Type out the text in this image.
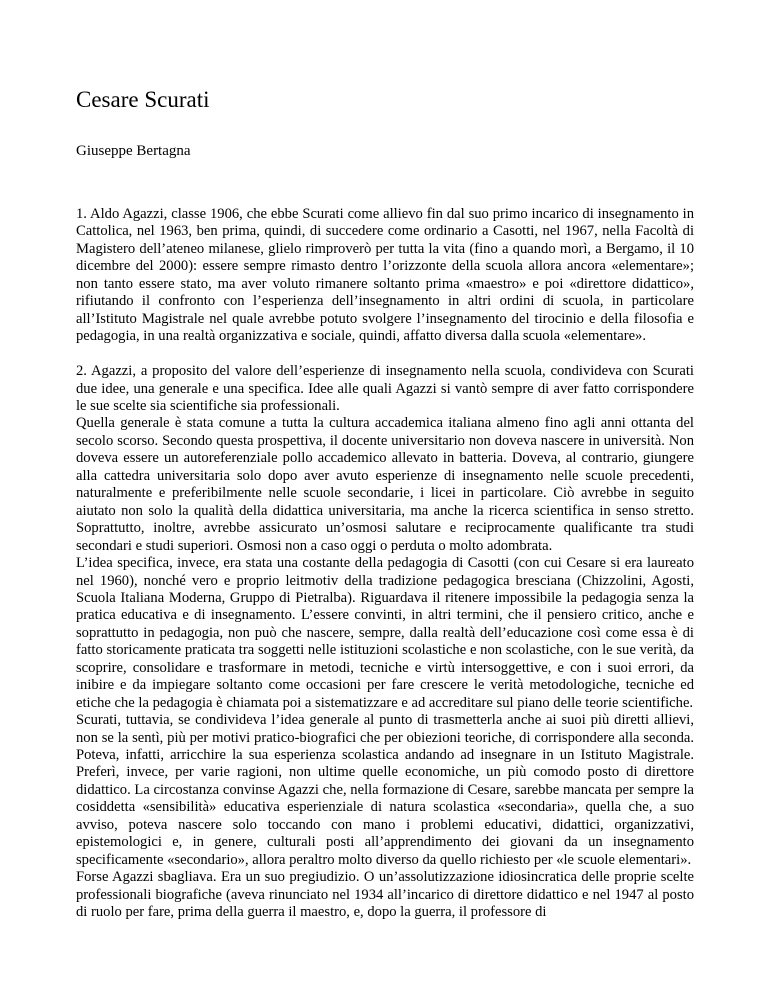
Cesare Scurati
Giuseppe Bertagna

1. Aldo Agazzi, classe 1906, che ebbe Scurati come allievo fin dal suo primo incarico di insegnamento in Cattolica, nel 1963, ben prima, quindi, di succedere come ordinario a Casotti, nel 1967, nella Facoltà di Magistero dell’ateneo milanese, glielo rimproverò per tutta la vita (fino a quando morì, a Bergamo, il 10 dicembre del 2000): essere sempre rimasto dentro l’orizzonte della scuola allora ancora «elementare»; non tanto essere stato, ma aver voluto rimanere soltanto prima «maestro» e poi «direttore didattico», rifiutando il confronto con l’esperienza dell’insegnamento in altri ordini di scuola, in particolare all’Istituto Magistrale nel quale avrebbe potuto svolgere l’insegnamento del tirocinio e della filosofia e pedagogia, in una realtà organizzativa e sociale, quindi, affatto diversa dalla scuola «elementare».

2. Agazzi, a proposito del valore dell’esperienze di insegnamento nella scuola, condivideva con Scurati due idee, una generale e una specifica. Idee alle quali Agazzi si vantò sempre di aver fatto corrispondere le sue scelte sia scientifiche sia professionali.

Quella generale è stata comune a tutta la cultura accademica italiana almeno fino agli anni ottanta del secolo scorso. Secondo questa prospettiva, il docente universitario non doveva nascere in università. Non doveva essere un autoreferenziale pollo accademico allevato in batteria. Doveva, al contrario, giungere alla cattedra universitaria solo dopo aver avuto esperienze di insegnamento nelle scuole precedenti, naturalmente e preferibilmente nelle scuole secondarie, i licei in particolare. Ciò avrebbe in seguito aiutato non solo la qualità della didattica universitaria, ma anche la ricerca scientifica in senso stretto. Soprattutto, inoltre, avrebbe assicurato un’osmosi salutare e reciprocamente qualificante tra studi secondari e studi superiori. Osmosi non a caso oggi o perduta o molto adombrata.

L’idea specifica, invece, era stata una costante della pedagogia di Casotti (con cui Cesare si era laureato nel 1960), nonché vero e proprio leitmotiv della tradizione pedagogica bresciana (Chizzolini, Agosti, Scuola Italiana Moderna, Gruppo di Pietralba). Riguardava il ritenere impossibile la pedagogia senza la pratica educativa e di insegnamento. L’essere convinti, in altri termini, che il pensiero critico, anche e soprattutto in pedagogia, non può che nascere, sempre, dalla realtà dell’educazione così come essa è di fatto storicamente praticata tra soggetti nelle istituzioni scolastiche e non scolastiche, con le sue verità, da scoprire, consolidare e trasformare in metodi, tecniche e virtù intersoggettive, e con i suoi errori, da inibire e da impiegare soltanto come occasioni per fare crescere le verità metodologiche, tecniche ed etiche che la pedagogia è chiamata poi a sistematizzare e ad accreditare sul piano delle teorie scientifiche.

Scurati, tuttavia, se condivideva l’idea generale al punto di trasmetterla anche ai suoi più diretti allievi, non se la sentì, più per motivi pratico-biografici che per obiezioni teoriche, di corrispondere alla seconda. Poteva, infatti, arricchire la sua esperienza scolastica andando ad insegnare in un Istituto Magistrale. Preferì, invece, per varie ragioni, non ultime quelle economiche, un più comodo posto di direttore didattico. La circostanza convinse Agazzi che, nella formazione di Cesare, sarebbe mancata per sempre la cosiddetta «sensibilità» educativa esperienziale di natura scolastica «secondaria», quella che, a suo avviso, poteva nascere solo toccando con mano i problemi educativi, didattici, organizzativi, epistemologici e, in genere, culturali posti all’apprendimento dei giovani da un insegnamento specificamente «secondario», allora peraltro molto diverso da quello richiesto per «le scuole elementari».

Forse Agazzi sbagliava. Era un suo pregiudizio. O un’assolutizzazione idiosincratica delle proprie scelte professionali biografiche (aveva rinunciato nel 1934 all’incarico di direttore didattico e nel 1947 al posto di ruolo per fare, prima della guerra il maestro, e, dopo la guerra, il professore di
